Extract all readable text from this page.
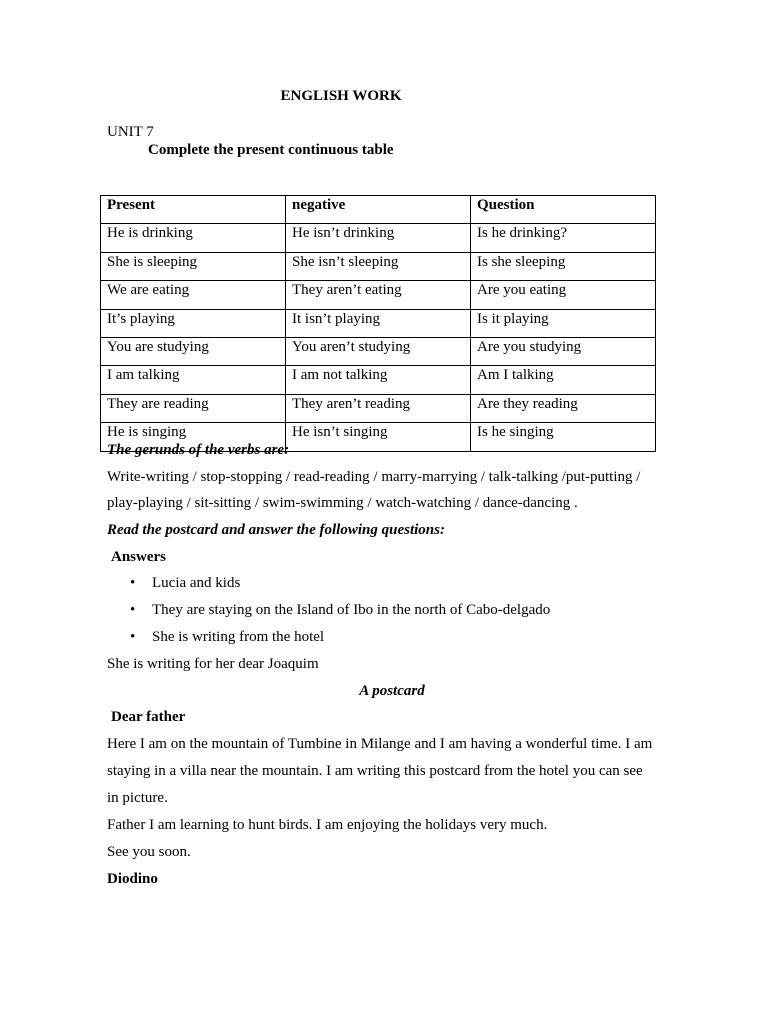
ENGLISH WORK
UNIT 7
Complete the present continuous table
Present	negative	Question
He is drinking	He isn’t drinking	Is he drinking?
She is sleeping	She isn’t sleeping	Is she sleeping
We are eating	They aren’t eating	Are you eating
It’s playing	It isn’t playing	Is it playing
You are studying	You aren’t studying	Are you studying
I am talking	I am not talking	Am I talking
They are reading	They aren’t reading	Are they reading
He is singing	He isn’t singing	Is he singing
The gerunds of the verbs are:
Write-writing / stop-stopping / read-reading / marry-marrying / talk-talking /put-putting /
play-playing / sit-sitting / swim-swimming / watch-watching / dance-dancing .
Read the postcard and answer the following questions:
Answers
• Lucia and kids
• They are staying on the Island of Ibo in the north of Cabo-delgado
• She is writing from the hotel
She is writing for her dear Joaquim
A postcard
Dear father
Here I am on the mountain of Tumbine in Milange and I am having a wonderful time. I am
staying in a villa near the mountain. I am writing this postcard from the hotel you can see
in picture.
Father I am learning to hunt birds. I am enjoying the holidays very much.
See you soon.
Diodino
